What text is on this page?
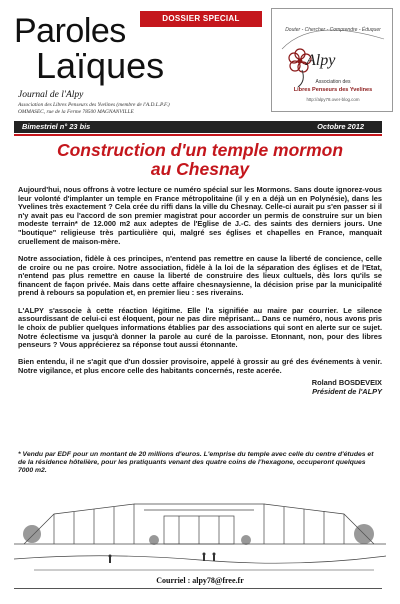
Paroles
Laïques
Journal de l'Alpy
Association des Libres Penseurs des Yvelines (membre de l'A.D.L.P.F.)
OMMASEC, rue de la Ferme 78500 MAGNANVILLE
DOSSIER SPECIAL
Douter - Chercher - Comprendre - Éduquer
Alpy
Association des
Libres Penseurs des Yvelines
http://alpy78.over-blog.com
Bimestriel n° 23 bis	Octobre 2012
Construction d'un temple mormon
au Chesnay

Aujourd'hui, nous offrons à votre lecture ce numéro spécial sur les Mormons. Sans doute ignorez-vous leur volonté d'implanter un temple en France métropolitaine (il y en a déjà un en Polynésie), dans les Yvelines très exactement ? Cela crée du riffi dans la ville du Chesnay. Celle-ci aurait pu s'en passer si il n'y avait pas eu l'accord de son premier magistrat pour accorder un permis de construire sur un bien modeste terrain* de 12.000 m2 aux adeptes de l'Eglise de J.-C. des saints des derniers jours. Une "boutique" religieuse très particulière qui, malgré ses églises et chapelles en France, manquait cruellement de maison-mère.

Notre association, fidèle à ces principes, n'entend pas remettre en cause la liberté de concience, celle de croire ou ne pas croire. Notre association, fidèle à la loi de la séparation des églises et de l'Etat, n'entend pas plus remettre en cause la liberté de construire des lieux cultuels, dès lors qu'ils se financent de façon privée. Mais dans cette affaire chesnaysienne, la décision prise par la municipalité prend à rebours sa population et, en premier lieu : ses riverains.

L'ALPY s'associe à cette réaction légitime. Elle l'a signifiée au maire par courrier. Le silence assourdissant de celui-ci est éloquent, pour ne pas dire méprisant... Dans ce numéro, nous avons pris le choix de publier quelques informations établies par des associations qui sont en alerte sur ce sujet. Notre éclectisme va jusqu'à donner la parole au curé de la paroisse. Etonnant, non, pour des libres penseurs ? Vous apprécierez sa réponse tout aussi étonnante.

Bien entendu, il ne s'agit que d'un dossier provisoire, appelé à grossir au gré des événements à venir. Notre vigilance, et plus encore celle des habitants concernés, reste acerée.

Roland BOSDEVEIX
Président de l'ALPY
* Vendu par EDF pour un montant de 20 millions d'euros. L'emprise du temple avec celle du centre d'études et de la résidence hôtelière, pour les pratiquants venant des quatre coins de l'hexagone, occuperont quelques 7000 m2.
Courriel : alpy78@free.fr
